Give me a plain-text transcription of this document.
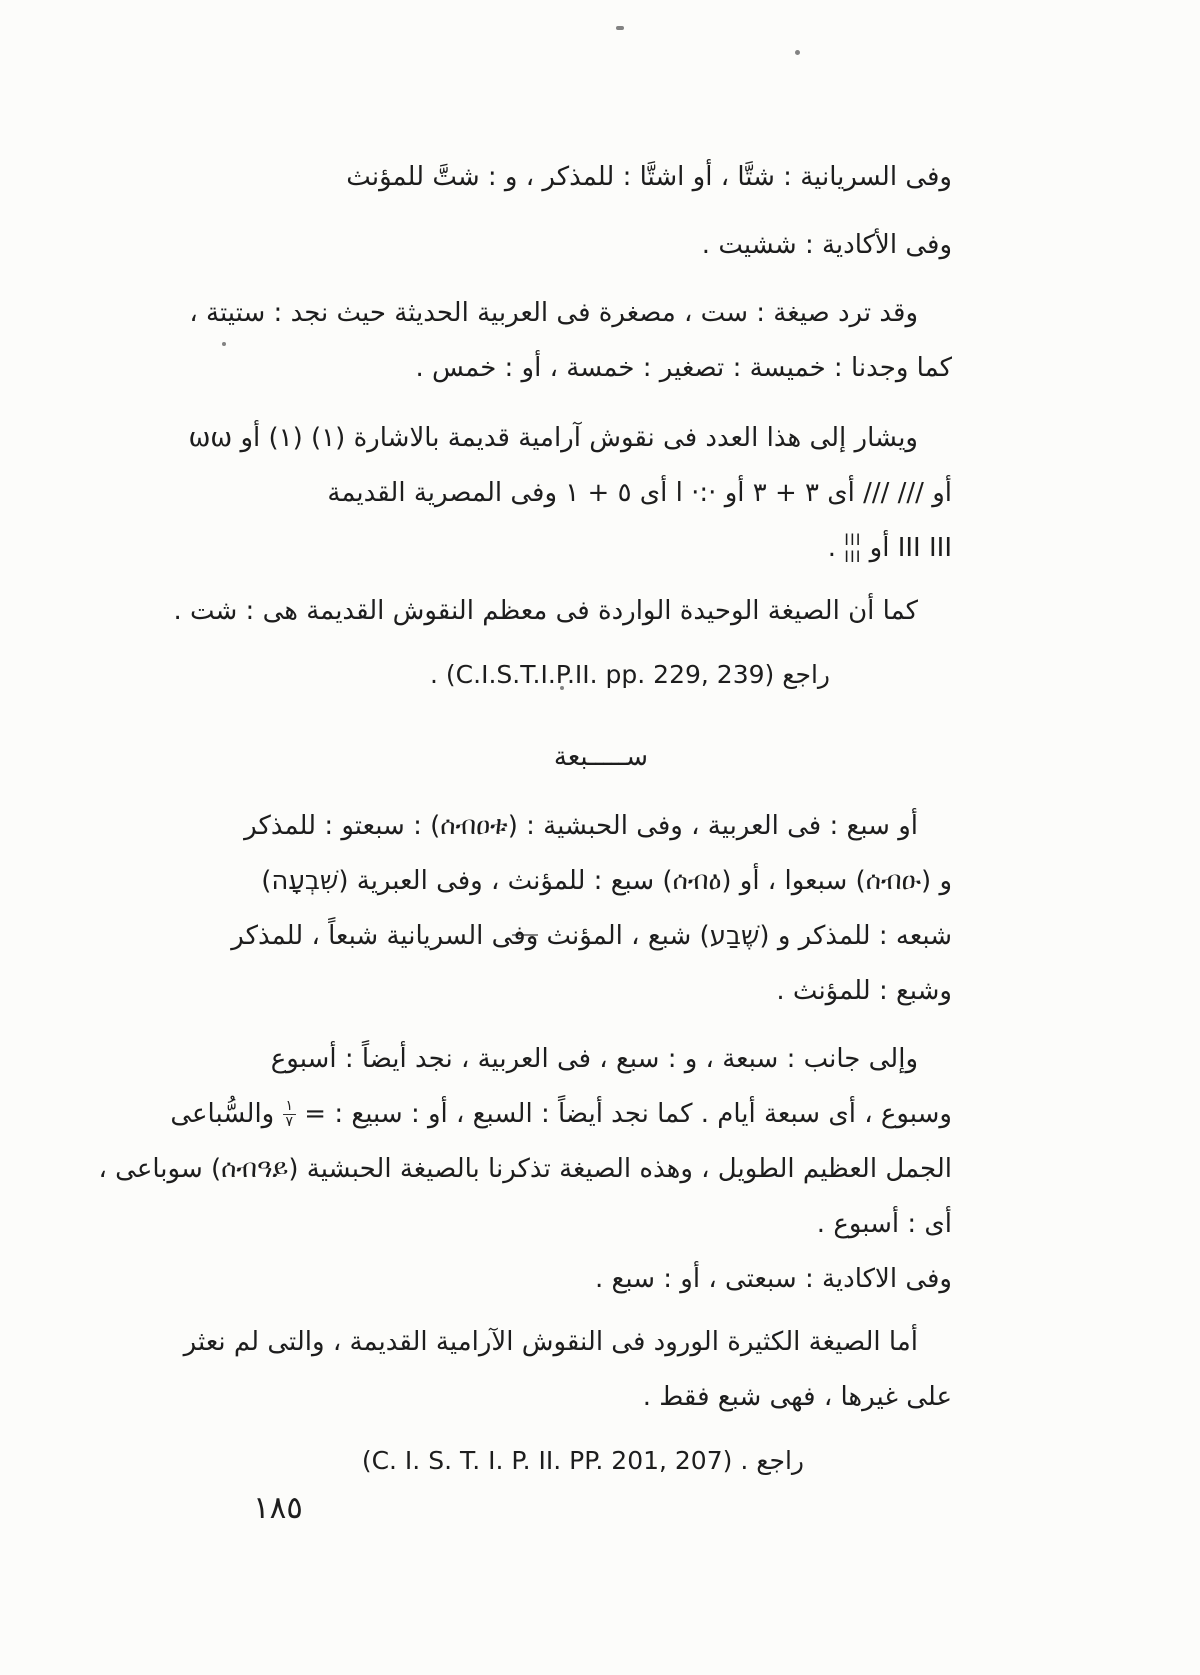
وفى السريانية : شتَّا ، أو اشتَّا : للمذكر ، و : شتَّ للمؤنث
وفى الأكادية : ششيت .
وقد ترد صيغة : ست ، مصغرة فى العربية الحديثة حيث نجد : ستيتة ،
كما وجدنا : خميسة : تصغير : خمسة ، أو : خمس .
ويشار إلى هذا العدد فى نقوش آرامية قديمة بالاشارة (١) (١) أو ωω
أو /// /// أى ٣ + ٣ أو ·:· ا أى ٥ + ١ وفى المصرية القديمة
III III أو
III
III
.
كما أن الصيغة الوحيدة الواردة فى معظم النقوش القديمة هى : شت .
راجع (C.I.S.T.I.P.II. pp. 229, 239) .
ســـــبعة
أو سبع : فى العربية ، وفى الحبشية : (ሰብዐቱ) : سبعتو : للمذكر
و (ሰብዑ) سبعوا ، أو (ሰብዕ) سبع : للمؤنث ، وفى العبرية (שִׁבְעָה)
شبعه : للمذكر و (שֶׁבַע) شبع ، المؤنث وفى السريانية شبعاً ، للمذكر
وشبع : للمؤنث .
وإلى جانب : سبعة ، و : سبع ، فى العربية ، نجد أيضاً : أسبوع
وسبوع ، أى سبعة أيام . كما نجد أيضاً : السبع ، أو : سبيع : =
$\frac{١}{٧}$
والسُّباعى
الجمل العظيم الطويل ، وهذه الصيغة تذكرنا بالصيغة الحبشية (ሰብዓይ) سوباعى ،
أى : أسبوع .
وفى الاكادية : سبعتى ، أو : سبع .
أما الصيغة الكثيرة الورود فى النقوش الآرامية القديمة ، والتى لم نعثر
على غيرها ، فهى شبع فقط .
راجع . (C. I. S. T. I. P. II. PP. 201, 207)
١٨٥
